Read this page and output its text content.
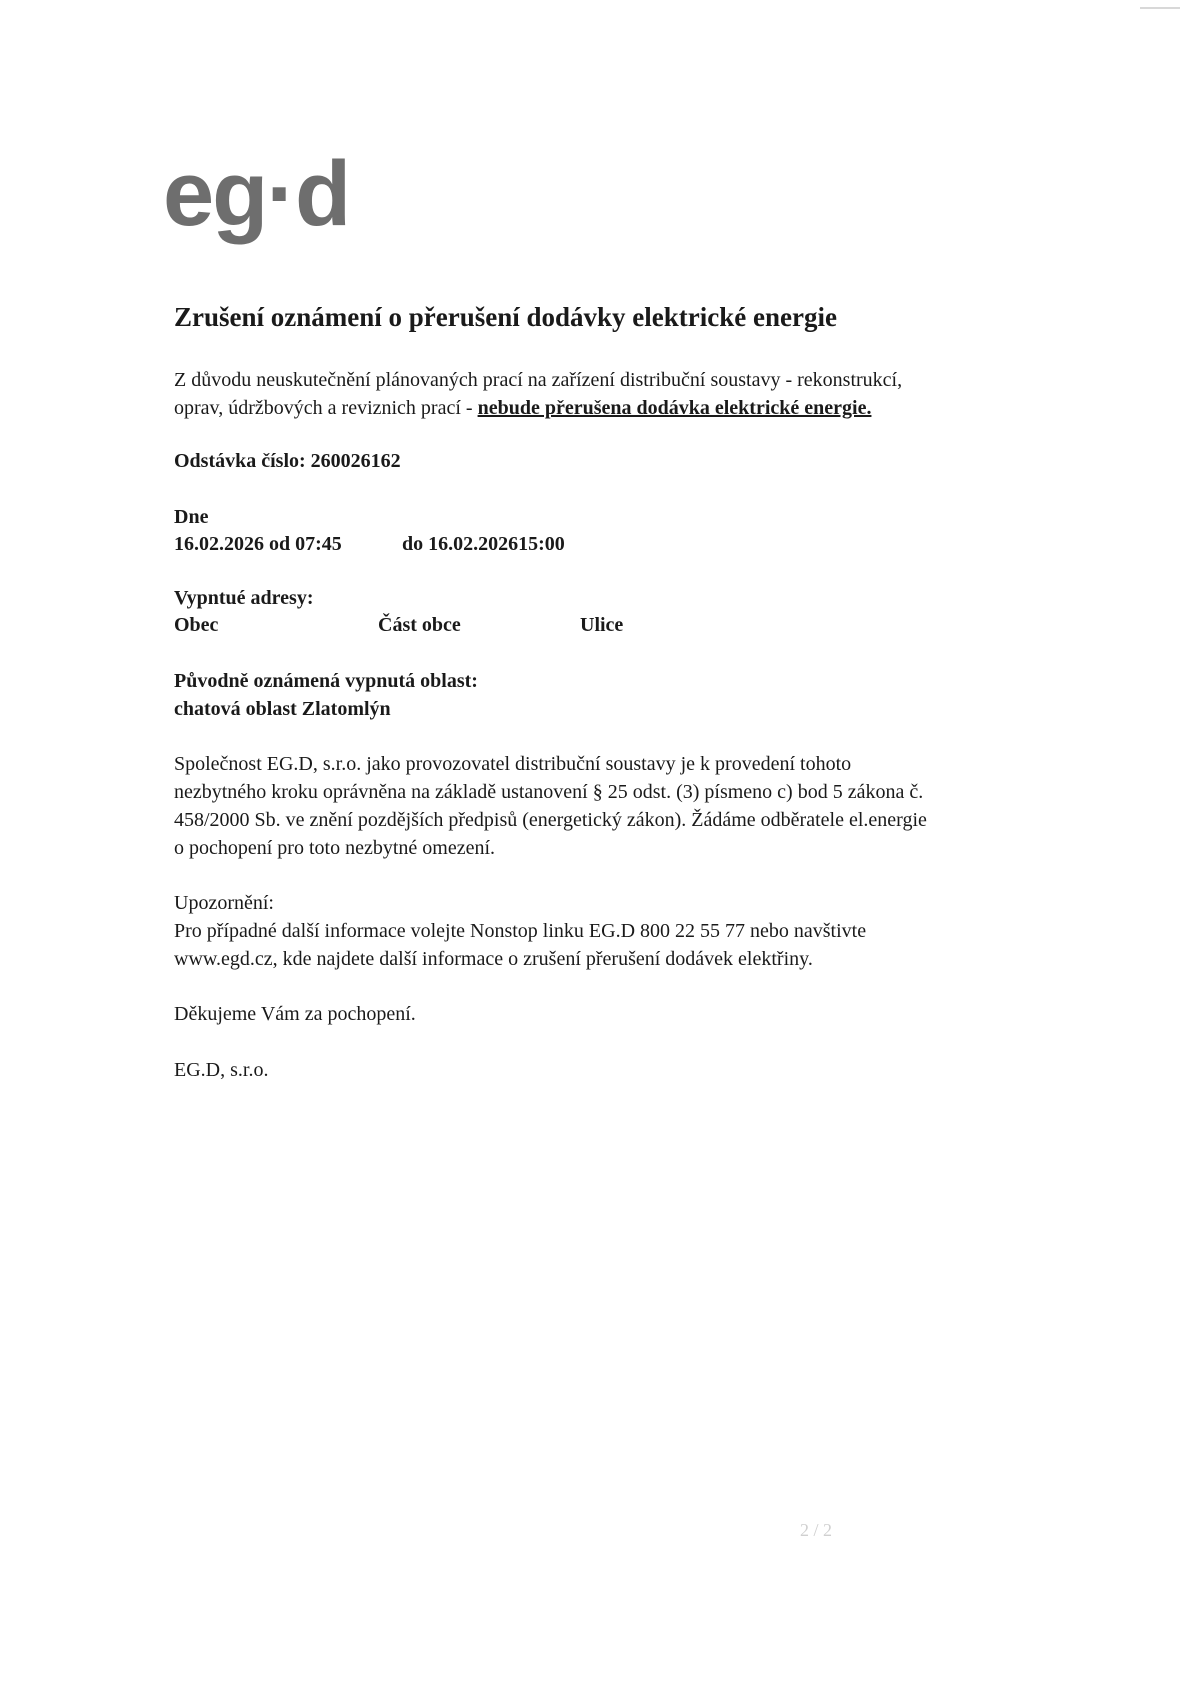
eg·d
Zrušení oznámení o přerušení dodávky elektrické energie

Z důvodu neuskutečnění plánovaných prací na zařízení distribuční soustavy - rekonstrukcí,

oprav, údržbových a reviznich prací - nebude přerušena dodávka elektrické energie.

Odstávka číslo: 260026162

Dne

16.02.2026 od 07:45	do 16.02.202615:00

Vypntué adresy:

Obec	Část obce	Ulice

Původně oznámená vypnutá oblast:

chatová oblast Zlatomlýn

Společnost EG.D, s.r.o. jako provozovatel distribuční soustavy je k provedení tohoto

nezbytného kroku oprávněna na základě ustanovení § 25 odst. (3) písmeno c) bod 5 zákona č.

458/2000 Sb. ve znění pozdějších předpisů (energetický zákon). Žádáme odběratele el.energie

o pochopení pro toto nezbytné omezení.

Upozornění:

Pro případné další informace volejte Nonstop linku EG.D 800 22 55 77 nebo navštivte

www.egd.cz, kde najdete další informace o zrušení přerušení dodávek elektřiny.

Děkujeme Vám za pochopení.

EG.D, s.r.o.

2 / 2
